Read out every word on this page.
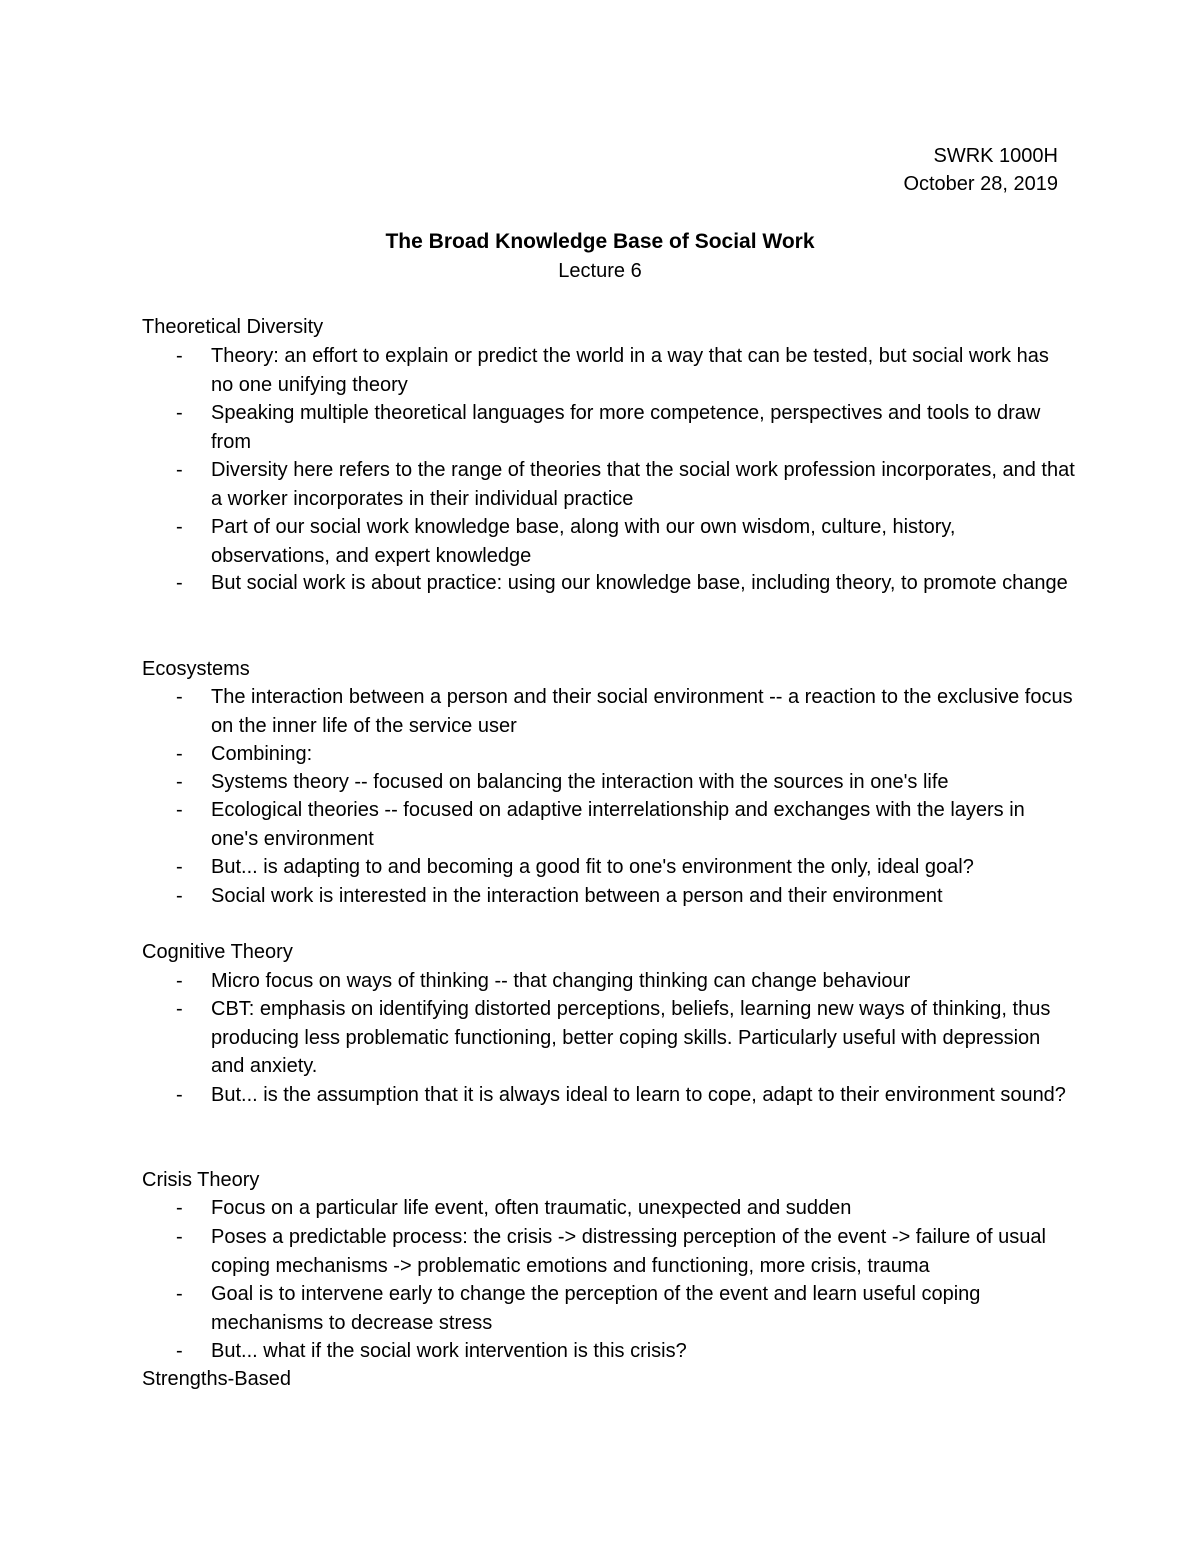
SWRK 1000H
October 28, 2019
The Broad Knowledge Base of Social Work
Lecture 6
Theoretical Diversity
- Theory: an effort to explain or predict the world in a way that can be tested, but social work has no one unifying theory
- Speaking multiple theoretical languages for more competence, perspectives and tools to draw from
- Diversity here refers to the range of theories that the social work profession incorporates, and that a worker incorporates in their individual practice
- Part of our social work knowledge base, along with our own wisdom, culture, history, observations, and expert knowledge
- But social work is about practice: using our knowledge base, including theory, to promote change
Ecosystems
- The interaction between a person and their social environment -- a reaction to the exclusive focus on the inner life of the service user
- Combining:
- Systems theory -- focused on balancing the interaction with the sources in one's life
- Ecological theories -- focused on adaptive interrelationship and exchanges with the layers in one's environment
- But... is adapting to and becoming a good fit to one's environment the only, ideal goal?
- Social work is interested in the interaction between a person and their environment
Cognitive Theory
- Micro focus on ways of thinking -- that changing thinking can change behaviour
- CBT: emphasis on identifying distorted perceptions, beliefs, learning new ways of thinking, thus producing less problematic functioning, better coping skills. Particularly useful with depression and anxiety.
- But... is the assumption that it is always ideal to learn to cope, adapt to their environment sound?
Crisis Theory
- Focus on a particular life event, often traumatic, unexpected and sudden
- Poses a predictable process: the crisis -> distressing perception of the event -> failure of usual coping mechanisms -> problematic emotions and functioning, more crisis, trauma
- Goal is to intervene early to change the perception of the event and learn useful coping mechanisms to decrease stress
- But... what if the social work intervention is this crisis?
Strengths-Based
